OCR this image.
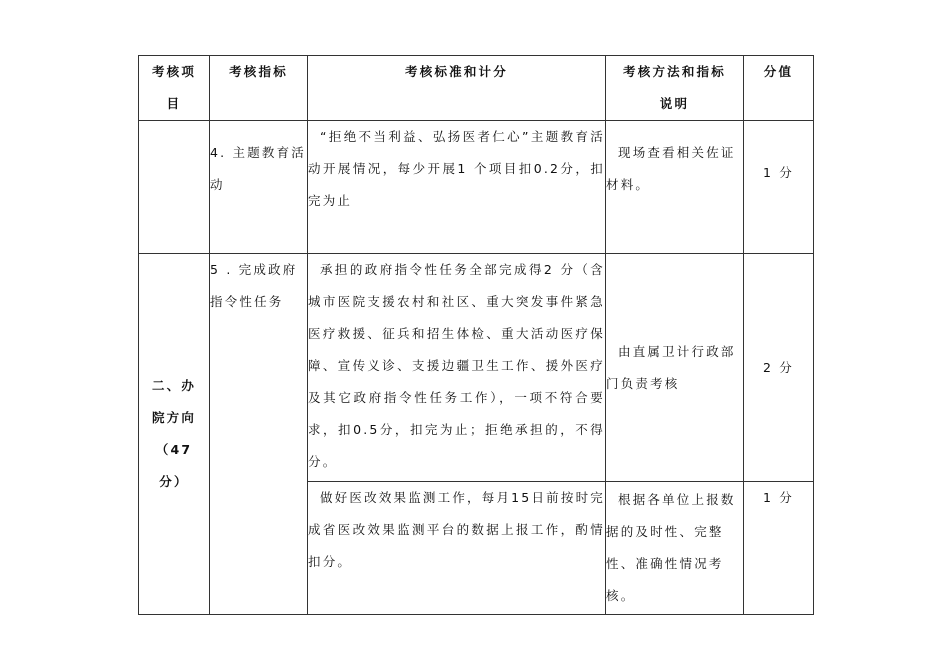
考核项目	考核指标	考核标准和计分	考核方法和指标说明	分值
	4. 主题教育活动	“拒绝不当利益、弘扬医者仁心”主题教育活动开展情况，每少开展1 个项目扣0.2分，扣完为止	现场查看相关佐证材料。	1 分
二、办院方向（47分）	5 . 完成政府指令性任务	承担的政府指令性任务全部完成得2 分（含城市医院支援农村和社区、重大突发事件紧急医疗救援、征兵和招生体检、重大活动医疗保障、宣传义诊、支援边疆卫生工作、援外医疗及其它政府指令性任务工作），一项不符合要求，扣0.5分，扣完为止；拒绝承担的，不得分。	由直属卫计行政部门负责考核	2 分

		做好医改效果监测工作，每月15日前按时完成省医改效果监测平台的数据上报工作，酌情扣分。	根据各单位上报数据的及时性、完整性、准确性情况考核。	1 分
